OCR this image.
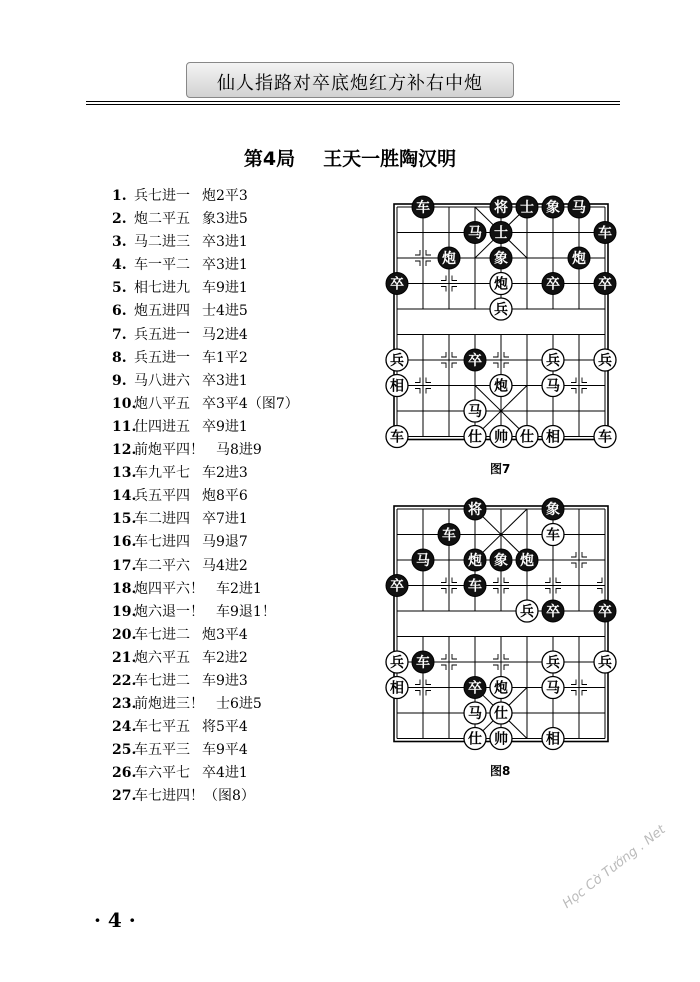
仙人指路对卒底炮红方补右中炮
第4局 王天一胜陶汉明
1. 兵七进一 炮2平3
2. 炮二平五 象3进5
3. 马二进三 卒3进1
4. 车一平二 卒3进1
5. 相七进九 车9进1
6. 炮五进四 士4进5
7. 兵五进一 马2进4
8. 兵五进一 车1平2
9. 马八进六 卒3进1
10.炮八平五 卒3平4（图7）
11.仕四进五 卒9进1
12.前炮平四！ 马8进9
13.车九平七 车2进3
14.兵五平四 炮8平6
15.车二进四 卒7进1
16.车七进四 马9退7
17.车二平六 马4进2
18.炮四平六！ 车2进1
19.炮六退一！ 车9退1！
20.车七进二 炮3平4
21.炮六平五 车2进2
22.车七进二 车9进3
23.前炮进三！ 士6进5
24.车七平五 将5平4
25.车五平三 车9平4
26.车六平七 卒4进1
27.车七进四！（图8）
车	将 士 象 马
马 士	车
炮	象	炮
卒	卒	卒
卒
炮
兵
兵	兵	兵
相	炮	马
马
车	仕 帅 仕 相	车
图7
将	象
车
马	炮 象 炮
卒	车
卒	卒
车
卒
车
兵
兵	兵	兵
相	炮	马
马 仕
仕 帅	相
图8
· 4 ·
Học Cờ Tướng . Net
